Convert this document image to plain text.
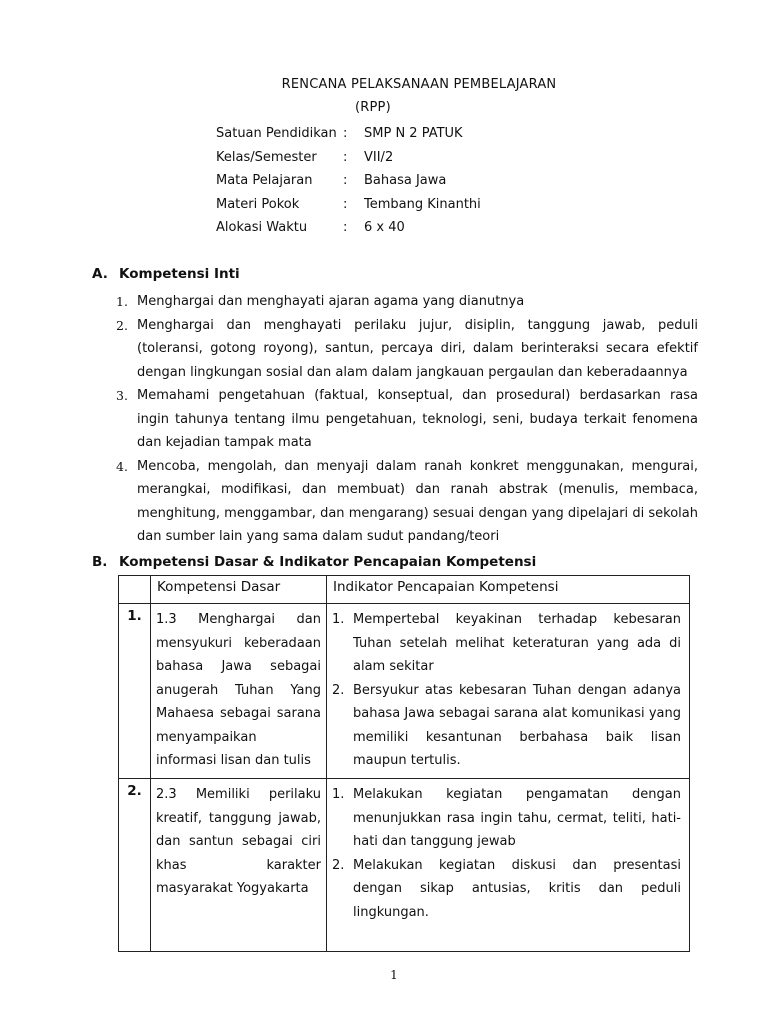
RENCANA PELAKSANAAN PEMBELAJARAN
(RPP)
Satuan Pendidikan : SMP N 2 PATUK
Kelas/Semester	: VII/2
Mata Pelajaran	: Bahasa Jawa
Materi Pokok	: Tembang Kinanthi
Alokasi Waktu	: 6 x 40
A. Kompetensi Inti
1. Menghargai dan menghayati ajaran agama yang dianutnya
2. Menghargai dan menghayati perilaku jujur, disiplin, tanggung jawab, peduli (toleransi, gotong royong), santun, percaya diri, dalam berinteraksi secara efektif dengan lingkungan sosial dan alam dalam jangkauan pergaulan dan keberadaannya
3. Memahami pengetahuan (faktual, konseptual, dan prosedural) berdasarkan rasa ingin tahunya tentang ilmu pengetahuan, teknologi, seni, budaya terkait fenomena dan kejadian tampak mata
4. Mencoba, mengolah, dan menyaji dalam ranah konkret menggunakan, mengurai, merangkai, modifikasi, dan membuat) dan ranah abstrak (menulis, membaca, menghitung, menggambar, dan mengarang) sesuai dengan yang dipelajari di sekolah dan sumber lain yang sama dalam sudut pandang/teori
B. Kompetensi Dasar & Indikator Pencapaian Kompetensi
	Kompetensi Dasar	Indikator Pencapaian Kompetensi
1.	1.3 Menghargai dan mensyukuri keberadaan bahasa Jawa sebagai anugerah Tuhan Yang Mahaesa sebagai sarana menyampaikan informasi lisan dan tulis	1. Mempertebal keyakinan terhadap kebesaran Tuhan setelah melihat keteraturan yang ada di alam sekitar
2. Bersyukur atas kebesaran Tuhan dengan adanya bahasa Jawa sebagai sarana alat komunikasi yang memiliki kesantunan berbahasa baik lisan maupun tertulis.

2.	2.3 Memiliki perilaku kreatif, tanggung jawab, dan santun sebagai ciri khas karakter masyarakat Yogyakarta	1. Melakukan kegiatan pengamatan dengan menunjukkan rasa ingin tahu, cermat, teliti, hati- hati dan tanggung jewab
2. Melakukan kegiatan diskusi dan presentasi dengan sikap antusias, kritis dan peduli lingkungan.
1
